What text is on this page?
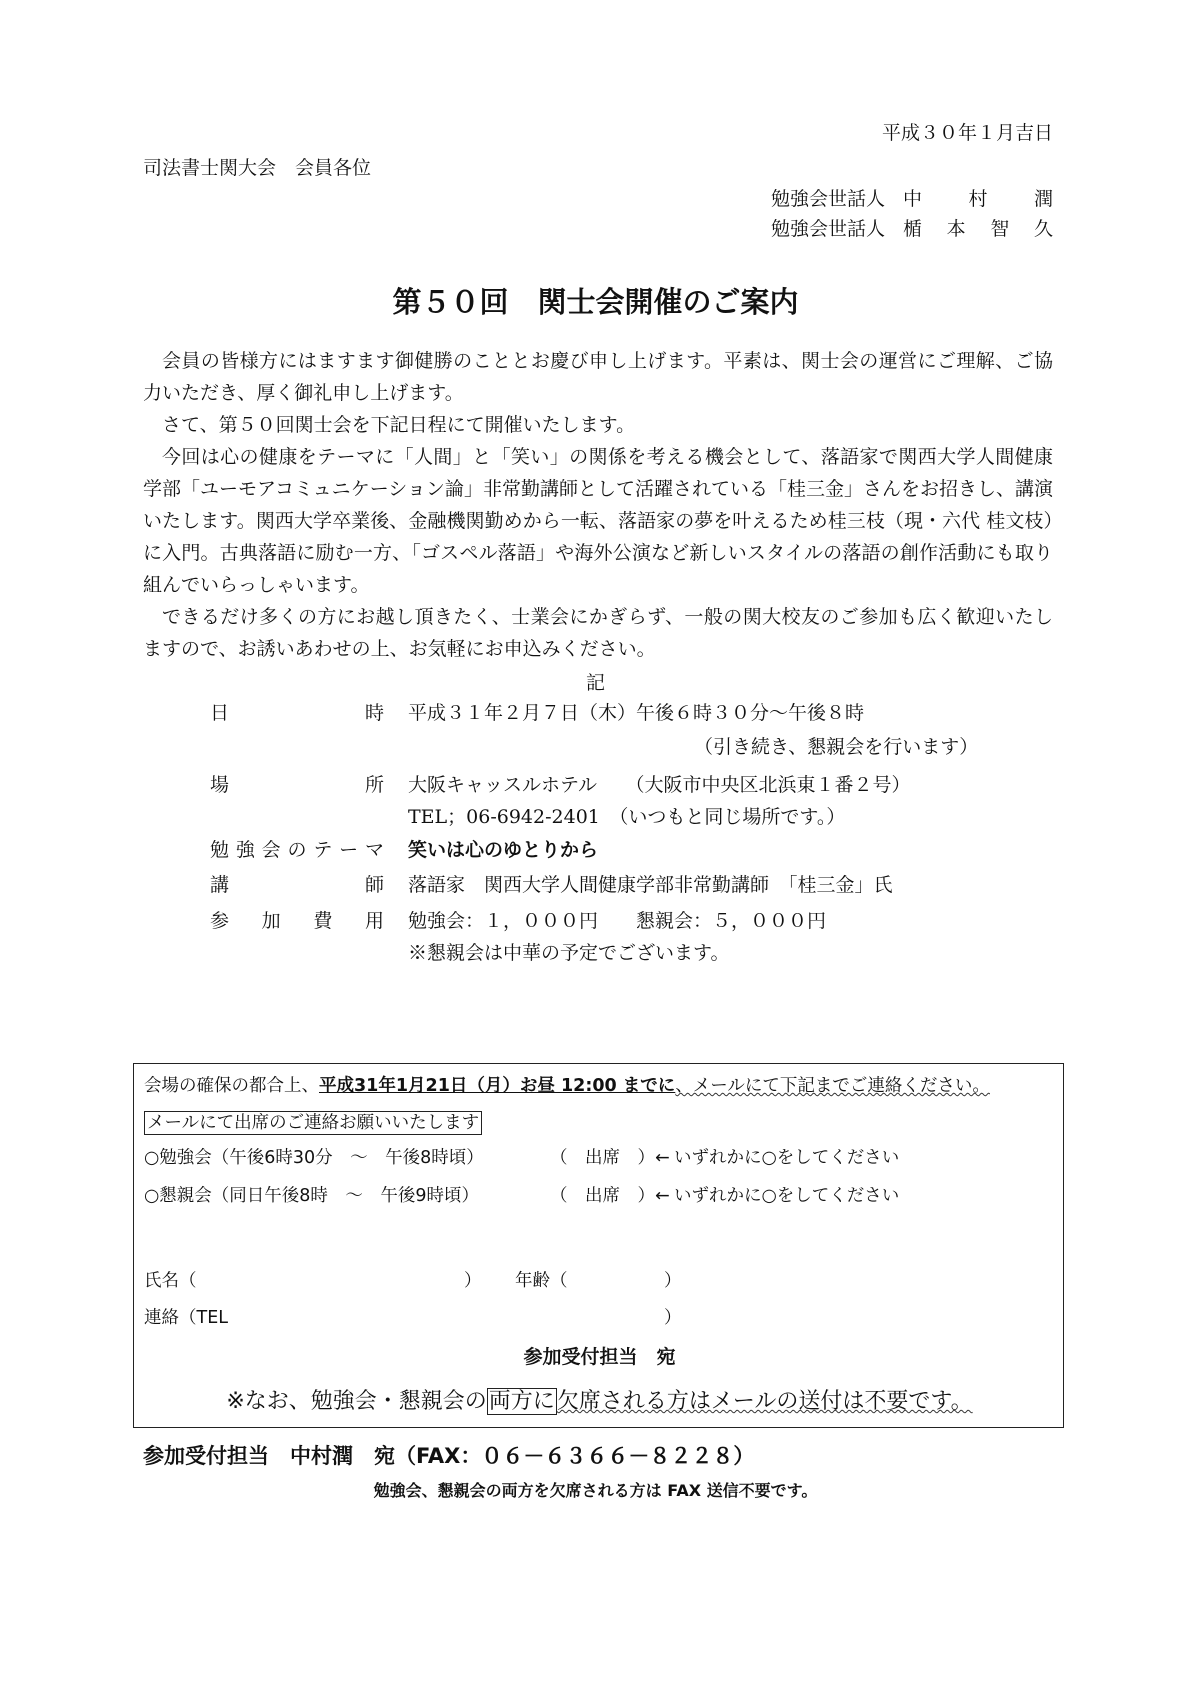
平成３０年１月吉日
司法書士関大会　会員各位
勉強会世話人 中村潤
勉強会世話人 楯本智久
第５０回　関士会開催のご案内

会員の皆様方にはますます御健勝のこととお慶び申し上げます。平素は、関士会の運営にご理解、ご協力いただき、厚く御礼申し上げます。

さて、第５０回関士会を下記日程にて開催いたします。

今回は心の健康をテーマに「人間」と「笑い」の関係を考える機会として、落語家で関西大学人間健康学部「ユーモアコミュニケーション論」非常勤講師として活躍されている「桂三金」さんをお招きし、講演いたします。関西大学卒業後、金融機関勤めから一転、落語家の夢を叶えるため桂三枝（現・六代 桂文枝）に入門。古典落語に励む一方、「ゴスペル落語」や海外公演など新しいスタイルの落語の創作活動にも取り組んでいらっしゃいます。

できるだけ多くの方にお越し頂きたく、士業会にかぎらず、一般の関大校友のご参加も広く歓迎いたしますので、お誘いあわせの上、お気軽にお申込みください。

記
日時 平成３１年２月７日（木）午後６時３０分～午後８時
（引き続き、懇親会を行います）
場所 大阪キャッスルホテル　　（大阪市中央区北浜東１番２号）
TEL；06-6942-2401　（いつもと同じ場所です。）
勉強会のテーマ 笑いは心のゆとりから
講師 落語家　関西大学人間健康学部非常勤講師　「桂三金」氏
参加費用 勉強会：１，０００円　　懇親会：５，０００円
※懇親会は中華の予定でございます。
会場の確保の都合上、平成31年1月21日（月）お昼 12:00 までに、メールにて下記までご連絡ください。
メールにて出席のご連絡お願いいたします
○勉強会（午後6時30分　～　午後8時頃）	（　出席　）← いずれかに○をしてください
○懇親会（同日午後8時　～　午後9時頃）	（　出席　）← いずれかに○をしてください
氏名（	） 年齢（	）
連絡（TEL	）
参加受付担当　宛
※なお、勉強会・懇親会の両方に欠席される方はメールの送付は不要です。
参加受付担当　中村潤　宛（FAX：０６－６３６６－８２２８）
勉強会、懇親会の両方を欠席される方は FAX 送信不要です。
